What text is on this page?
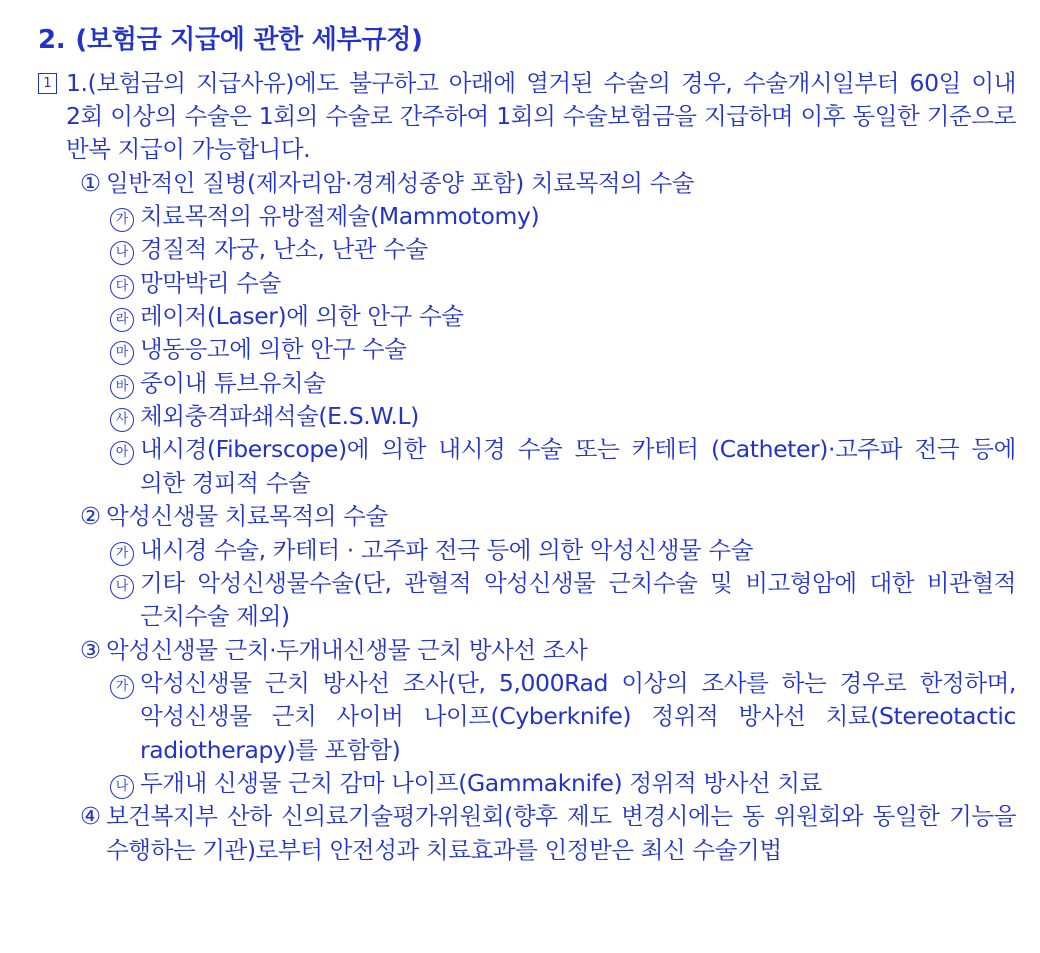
2. (보험금 지급에 관한 세부규정)
1 1.(보험금의 지급사유)에도 불구하고 아래에 열거된 수술의 경우, 수술개시일부터 60일 이내 2회 이상의 수술은 1회의 수술로 간주하여 1회의 수술보험금을 지급하며 이후 동일한 기준으로 반복 지급이 가능합니다.

① 일반적인 질병(제자리암·경계성종양 포함) 치료목적의 수술
가 치료목적의 유방절제술(Mammotomy)
나 경질적 자궁, 난소, 난관 수술
다 망막박리 수술
라 레이저(Laser)에 의한 안구 수술
마 냉동응고에 의한 안구 수술
바 중이내 튜브유치술
사 체외충격파쇄석술(E.S.W.L)
아 내시경(Fiberscope)에 의한 내시경 수술 또는 카테터 (Catheter)·고주파 전극 등에 의한 경피적 수술
② 악성신생물 치료목적의 수술
가 내시경 수술, 카테터 · 고주파 전극 등에 의한 악성신생물 수술
나 기타 악성신생물수술(단, 관혈적 악성신생물 근치수술 및 비고형암에 대한 비관혈적 근치수술 제외)
③ 악성신생물 근치·두개내신생물 근치 방사선 조사
가 악성신생물 근치 방사선 조사(단, 5,000Rad 이상의 조사를 하는 경우로 한정하며, 악성신생물 근치 사이버 나이프(Cyberknife) 정위적 방사선 치료(Stereotactic radiotherapy)를 포함함)
나 두개내 신생물 근치 감마 나이프(Gammaknife) 정위적 방사선 치료
④ 보건복지부 산하 신의료기술평가위원회(향후 제도 변경시에는 동 위원회와 동일한 기능을 수행하는 기관)로부터 안전성과 치료효과를 인정받은 최신 수술기법
